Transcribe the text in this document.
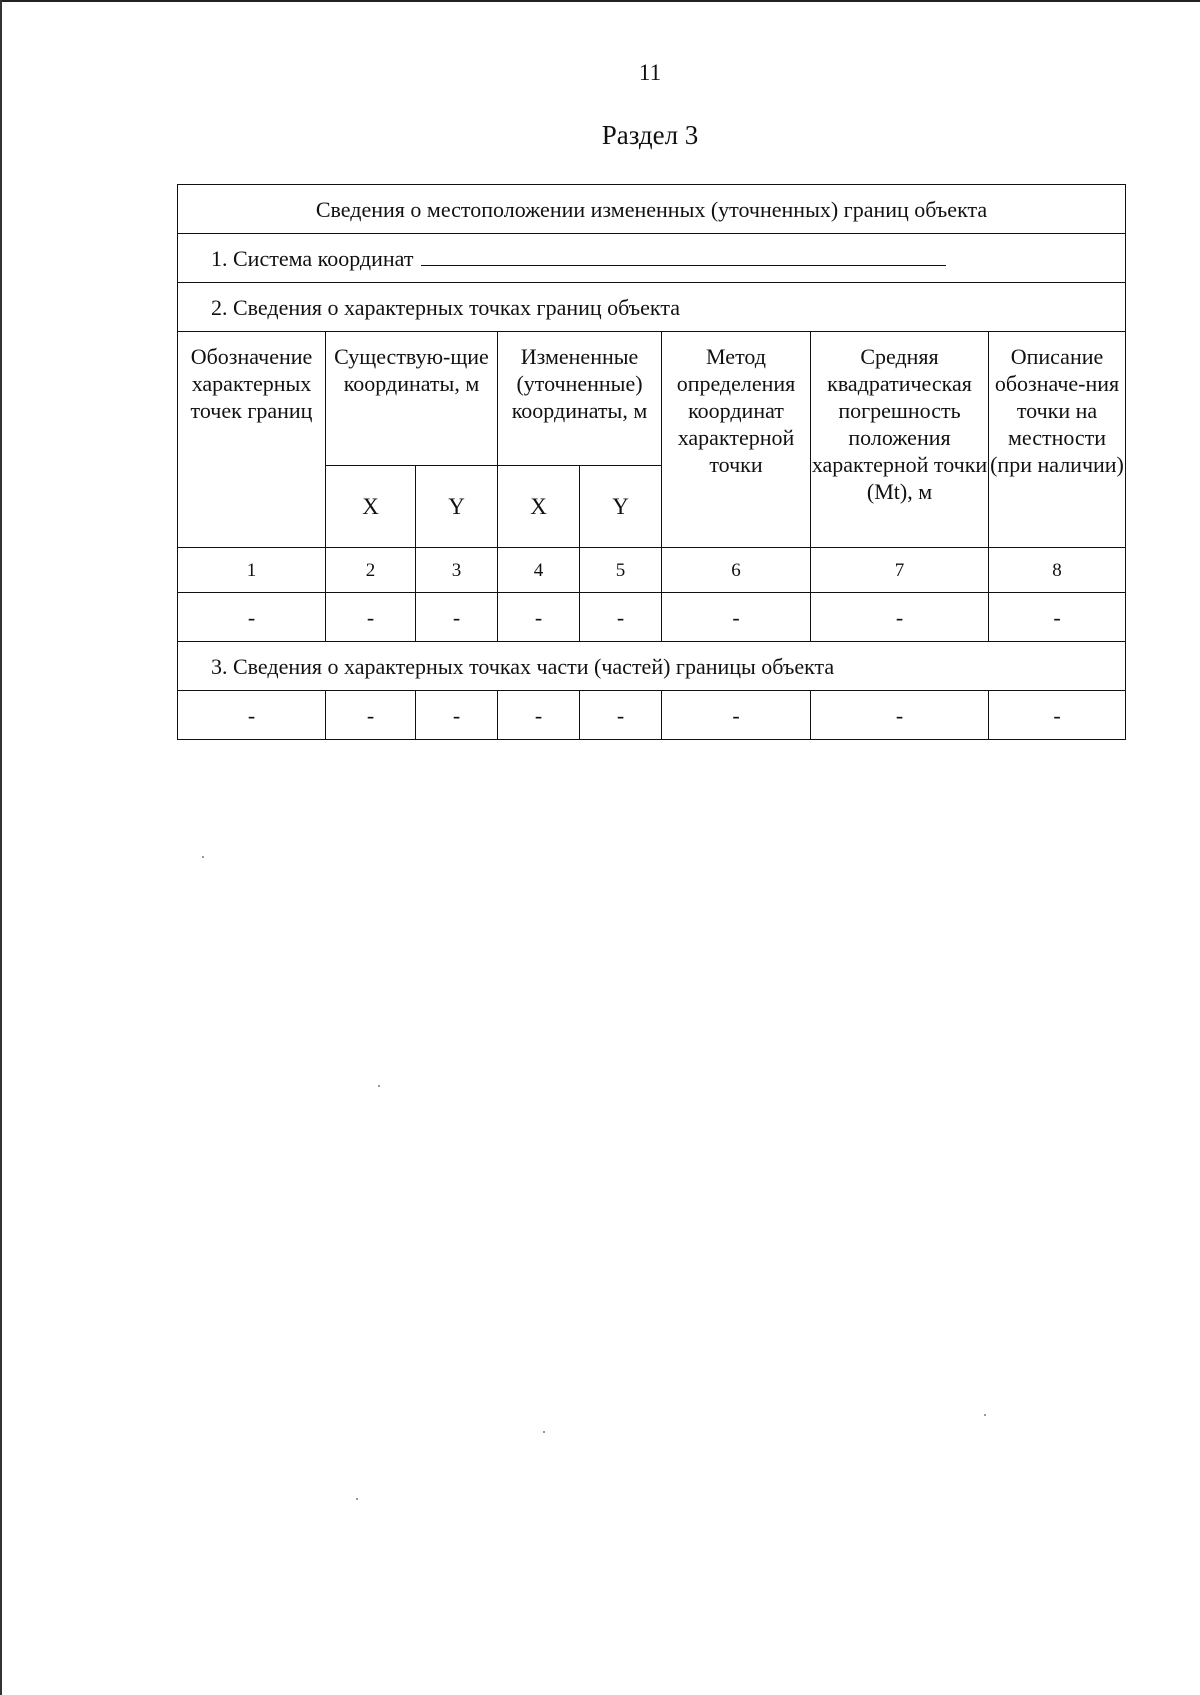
11
Раздел 3
Сведения о местоположении измененных (уточненных) границ объекта							
1. Система координат							
2. Сведения о характерных точках границ объекта							
Обозначение характерных точек границ	Существую-щие координаты, м		Измененные (уточненные) координаты, м		Метод определения координат характерной точки	Средняя квадратическая погрешность положения характерной точки (Mt), м	Описание обозначе-ния точки на местности (при наличии)
	X	Y	X	Y			
1	2	3	4	5	6	7	8
-	-	-	-	-	-	-	-
3. Сведения о характерных точках части (частей) границы объекта							
-	-	-	-	-	-	-	-
